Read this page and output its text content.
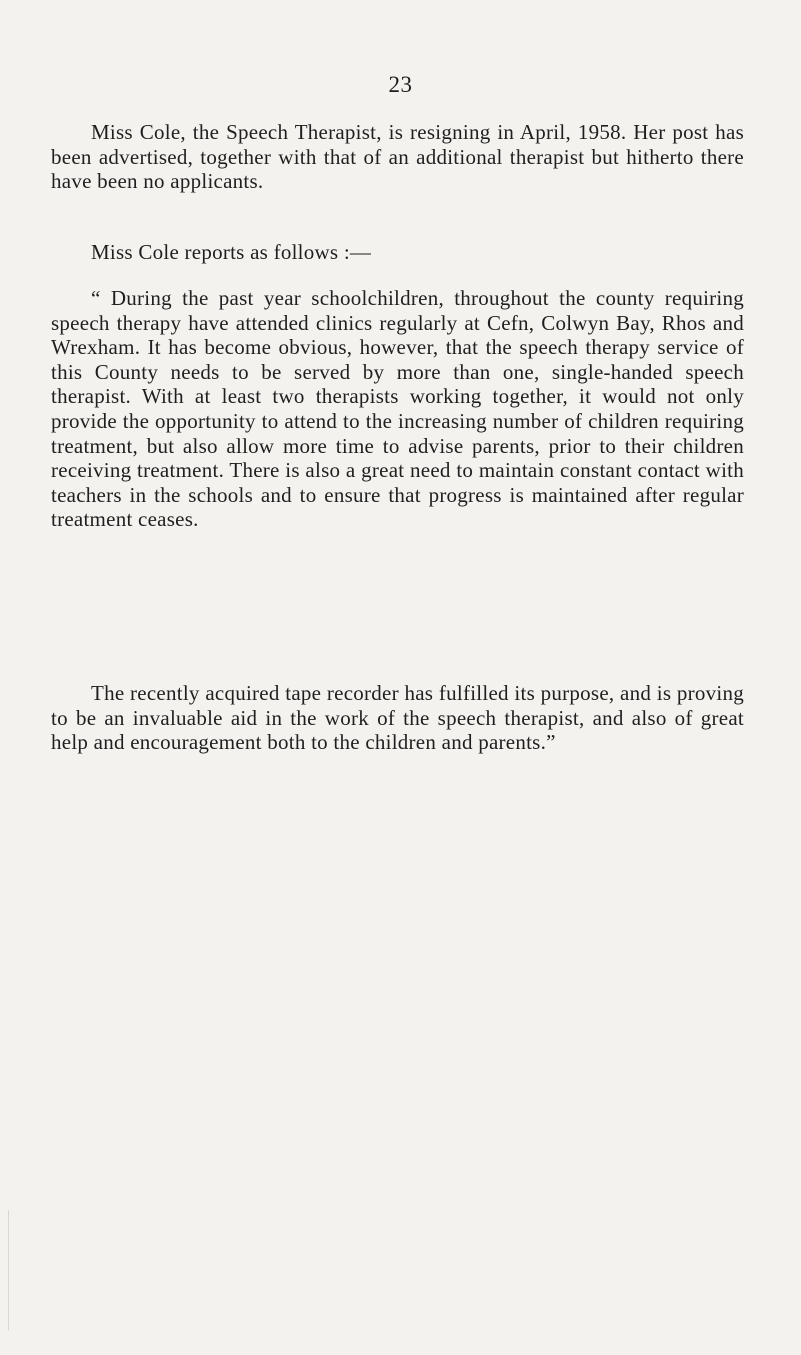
23

Miss Cole, the Speech Therapist, is resigning in April, 1958. Her post has been advertised, together with that of an additional therapist but hitherto there have been no applicants.

Miss Cole reports as follows :—

“ During the past year schoolchildren, throughout the county requiring speech therapy have attended clinics regularly at Cefn, Colwyn Bay, Rhos and Wrexham. It has become obvious, however, that the speech therapy service of this County needs to be served by more than one, single-handed speech therapist. With at least two therapists working together, it would not only provide the opportunity to attend to the increasing number of children requiring treatment, but also allow more time to advise parents, prior to their children receiving treatment. There is also a great need to maintain constant contact with teachers in the schools and to ensure that progress is maintained after regular treatment ceases.

The recently acquired tape recorder has fulfilled its purpose, and is proving to be an invaluable aid in the work of the speech therapist, and also of great help and encouragement both to the children and parents.”
